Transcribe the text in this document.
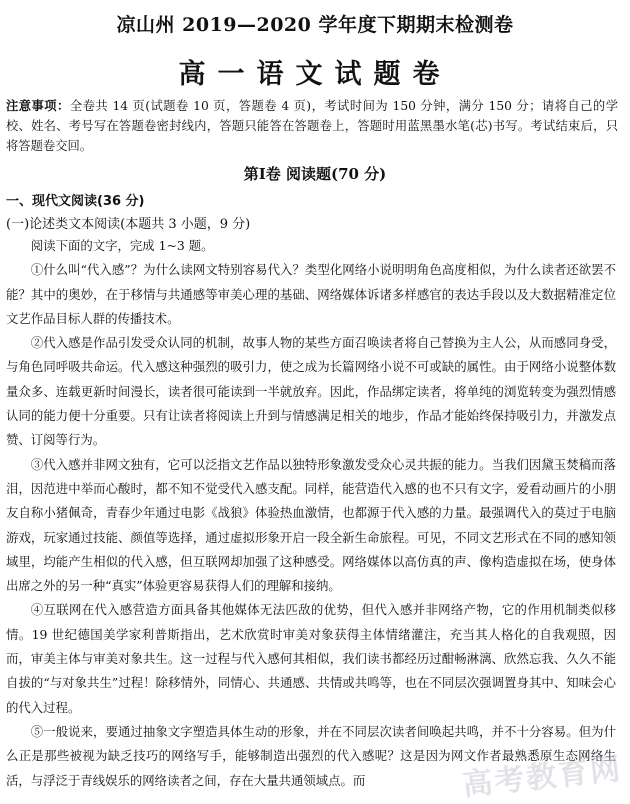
凉山州 2019—2020 学年度下期期末检测卷
高一语文试题卷
注意事项：全卷共 14 页(试题卷 10 页，答题卷 4 页)，考试时间为 150 分钟，满分 150 分；请将自己的学校、姓名、考号写在答题卷密封线内，答题只能答在答题卷上，答题时用蓝黑墨水笔(芯)书写。考试结束后，只将答题卷交回。
第Ⅰ卷 阅读题(70 分)
一、现代文阅读(36 分)
(一)论述类文本阅读(本题共 3 小题，9 分)

阅读下面的文字，完成 1~3 题。

①什么叫“代入感”？为什么读网文特别容易代入？类型化网络小说明明角色高度相似，为什么读者还欲罢不能？其中的奥妙，在于移情与共通感等审美心理的基础、网络媒体诉诸多样感官的表达手段以及大数据精准定位文艺作品目标人群的传播技术。

②代入感是作品引发受众认同的机制，故事人物的某些方面召唤读者将自己替换为主人公，从而感同身受，与角色同呼吸共命运。代入感这种强烈的吸引力，使之成为长篇网络小说不可或缺的属性。由于网络小说整体数量众多、连载更新时间漫长，读者很可能读到一半就放弃。因此，作品绑定读者，将单纯的浏览转变为强烈情感认同的能力便十分重要。只有让读者将阅读上升到与情感满足相关的地步，作品才能始终保持吸引力，并激发点赞、订阅等行为。

③代入感并非网文独有，它可以泛指文艺作品以独特形象激发受众心灵共振的能力。当我们因黛玉焚稿而落泪，因范进中举而心酸时，都不知不觉受代入感支配。同样，能营造代入感的也不只有文字，爱看动画片的小朋友自称小猪佩奇，青春少年通过电影《战狼》体验热血激情，也都源于代入感的力量。最强调代入的莫过于电脑游戏，玩家通过技能、颜值等选择，通过虚拟形象开启一段全新生命旅程。可见，不同文艺形式在不同的感知领域里，均能产生相似的代入感，但互联网却加强了这种感受。网络媒体以高仿真的声、像构造虚拟在场，使身体出席之外的另一种“真实”体验更容易获得人们的理解和接纳。

④互联网在代入感营造方面具备其他媒体无法匹敌的优势，但代入感并非网络产物，它的作用机制类似移情。19 世纪德国美学家利普斯指出，艺术欣赏时审美对象获得主体情绪灌注，充当其人格化的自我观照，因而，审美主体与审美对象共生。这一过程与代入感何其相似，我们读书都经历过酣畅淋漓、欣然忘我、久久不能自拔的“与对象共生”过程！除移情外，同情心、共通感、共情或共鸣等，也在不同层次强调置身其中、知味会心的代入过程。

⑤一般说来，要通过抽象文字塑造具体生动的形象，并在不同层次读者间唤起共鸣，并不十分容易。但为什么正是那些被视为缺乏技巧的网络写手，能够制造出强烈的代入感呢？这是因为网文作者最熟悉原生态网络生活，与浮泛于青线娱乐的网络读者之间，存在大量共通领域点。而	高考教育网
